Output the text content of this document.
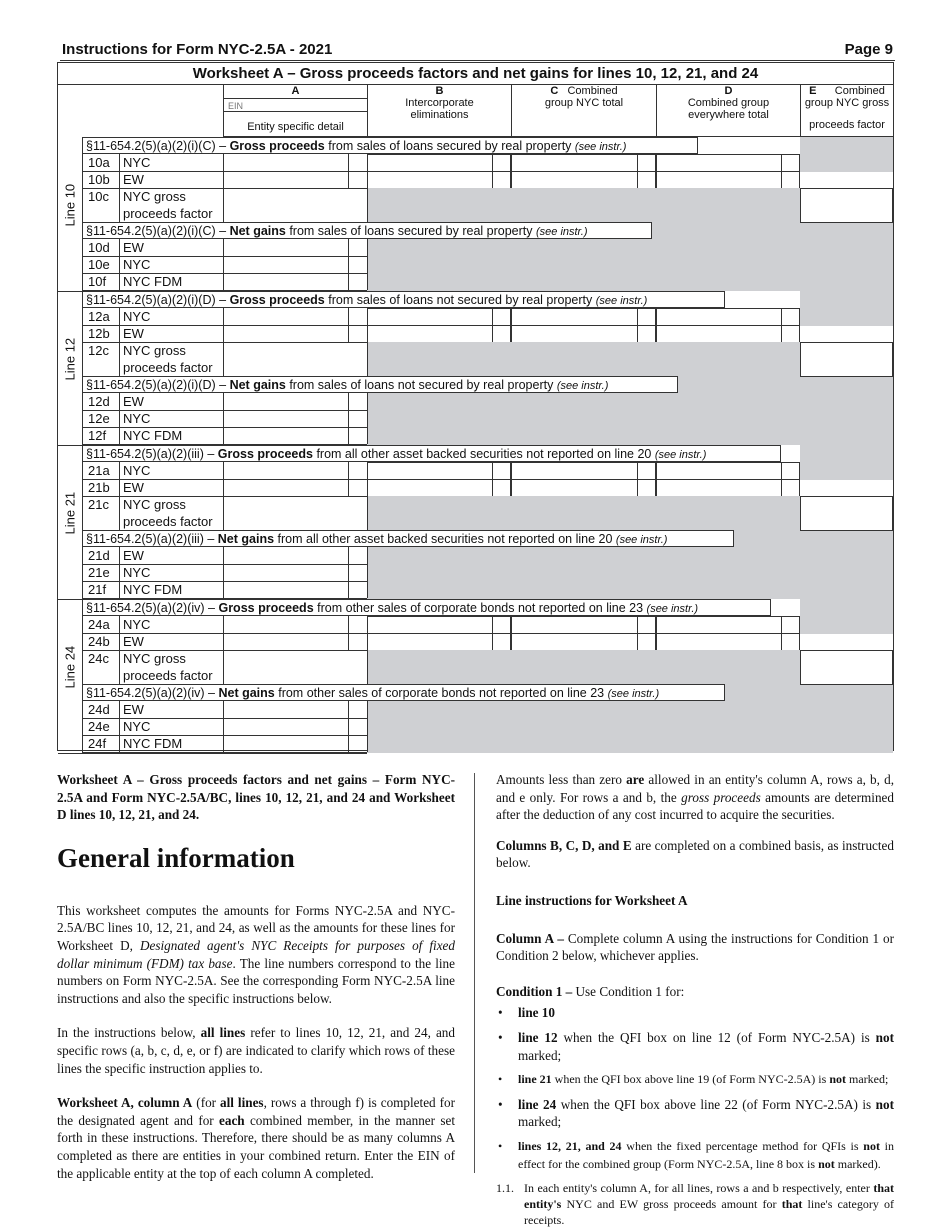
Instructions for Form NYC-2.5A - 2021	Page 9
Worksheet A – Gross proceeds factors and net gains for lines 10, 12, 21, and 24
A
EIN
Entity specific detail
B
Intercorporate
eliminations
C Combined
group NYC total
D
Combined group
everywhere total
E Combined
group NYC gross
proceeds factor
Line 10
§11-654.2(5)(a)(2)(i)(C) – Gross proceeds from sales of loans secured by real property (see instr.)
§11-654.2(5)(a)(2)(i)(C) – Net gains from sales of loans secured by real property (see instr.)
10a NYC
10b EW
10c NYC gross
proceeds factor
10d EW
10e NYC
10f NYC FDM
Line 12
§11-654.2(5)(a)(2)(i)(D) – Gross proceeds from sales of loans not secured by real property (see instr.)
§11-654.2(5)(a)(2)(i)(D) – Net gains from sales of loans not secured by real property (see instr.)
12a NYC
12b EW
12c NYC gross
proceeds factor
12d EW
12e NYC
12f NYC FDM
Line 21
§11-654.2(5)(a)(2)(iii) – Gross proceeds from all other asset backed securities not reported on line 20 (see instr.)
§11-654.2(5)(a)(2)(iii) – Net gains from all other asset backed securities not reported on line 20 (see instr.)
21a NYC
21b EW
21c NYC gross
proceeds factor
21d EW
21e NYC
21f NYC FDM
Line 24
§11-654.2(5)(a)(2)(iv) – Gross proceeds from other sales of corporate bonds not reported on line 23 (see instr.)
§11-654.2(5)(a)(2)(iv) – Net gains from other sales of corporate bonds not reported on line 23 (see instr.)
24a NYC
24b EW
24c NYC gross
proceeds factor
24d EW
24e NYC
24f NYC FDM

Worksheet A – Gross proceeds factors and net gains – Form NYC-2.5A and Form NYC-2.5A/BC, lines 10, 12, 21, and 24 and Worksheet D lines 10, 12, 21, and 24.

General information

This worksheet computes the amounts for Forms NYC-2.5A and NYC-2.5A/BC lines 10, 12, 21, and 24, as well as the amounts for these lines for Worksheet D, Designated agent's NYC Receipts for purposes of fixed dollar minimum (FDM) tax base. The line numbers correspond to the line numbers on Form NYC-2.5A. See the corresponding Form NYC-2.5A line instructions and also the specific instructions below.

In the instructions below, all lines refer to lines 10, 12, 21, and 24, and specific rows (a, b, c, d, e, or f) are indicated to clarify which rows of these lines the specific instruction applies to.

Worksheet A, column A (for all lines, rows a through f) is completed for the designated agent and for each combined member, in the manner set forth in these instructions. Therefore, there should be as many columns A completed as there are entities in your combined return. Enter the EIN of the applicable entity at the top of each column A completed.

Amounts less than zero are allowed in an entity's column A, rows a, b, d, and e only. For rows a and b, the gross proceeds amounts are determined after the deduction of any cost incurred to acquire the securities.

Columns B, C, D, and E are completed on a combined basis, as instructed below.

Line instructions for Worksheet A

Column A – Complete column A using the instructions for Condition 1 or Condition 2 below, whichever applies.

Condition 1 – Use Condition 1 for:

• line 10
• line 12 when the QFI box on line 12 (of Form NYC-2.5A) is not marked;
• line 21 when the QFI box above line 19 (of Form NYC-2.5A) is not marked;
• line 24 when the QFI box above line 22 (of Form NYC-2.5A) is not marked;
• lines 12, 21, and 24 when the fixed percentage method for QFIs is not in effect for the combined group (Form NYC-2.5A, line 8 box is not marked).
1.1. In each entity's column A, for all lines, rows a and b respectively, enter that entity's NYC and EW gross proceeds amount for that line's category of receipts.
